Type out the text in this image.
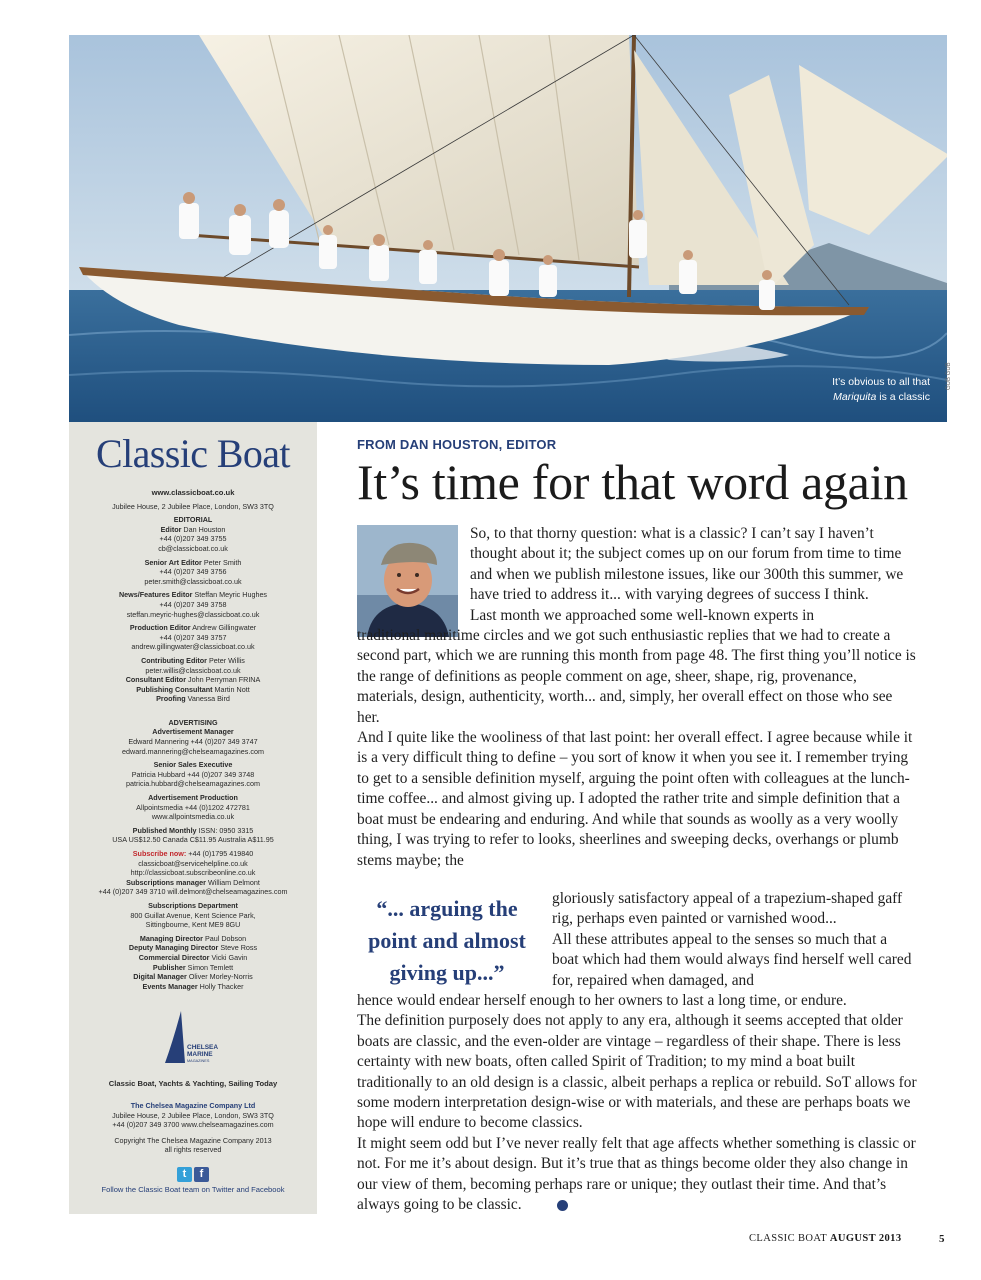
It’s obvious to all that
Mariquita is a classic
GUB GUB
Classic Boat
www.classicboat.co.uk
Jubilee House, 2 Jubilee Place, London, SW3 3TQ
EDITORIAL
Editor Dan Houston
+44 (0)207 349 3755
cb@classicboat.co.uk
Senior Art Editor Peter Smith
+44 (0)207 349 3756
peter.smith@classicboat.co.uk
News/Features Editor Steffan Meyric Hughes
+44 (0)207 349 3758
steffan.meyric-hughes@classicboat.co.uk
Production Editor Andrew Gillingwater
+44 (0)207 349 3757
andrew.gillingwater@classicboat.co.uk
Contributing Editor Peter Willis
peter.willis@classicboat.co.uk
Consultant Editor John Perryman FRINA
Publishing Consultant Martin Nott
Proofing Vanessa Bird
ADVERTISING
Advertisement Manager
Edward Mannering +44 (0)207 349 3747
edward.mannering@chelseamagazines.com
Senior Sales Executive
Patricia Hubbard +44 (0)207 349 3748
patricia.hubbard@chelseamagazines.com
Advertisement Production
Allpointsmedia +44 (0)1202 472781
www.allpointsmedia.co.uk
Published Monthly ISSN: 0950 3315
USA US$12.50 Canada C$11.95 Australia A$11.95
Subscribe now: +44 (0)1795 419840
classicboat@servicehelpline.co.uk
http://classicboat.subscribeonline.co.uk
Subscriptions manager William Delmont
+44 (0)207 349 3710 will.delmont@chelseamagazines.com
Subscriptions Department
800 Guillat Avenue, Kent Science Park,
Sittingbourne, Kent ME9 8GU
Managing Director Paul Dobson
Deputy Managing Director Steve Ross
Commercial Director Vicki Gavin
Publisher Simon Temlett
Digital Manager Oliver Morley-Norris
Events Manager Holly Thacker
CHELSEA
MARINE
MAGAZINES
Classic Boat, Yachts & Yachting, Sailing Today
The Chelsea Magazine Company Ltd
Jubilee House, 2 Jubilee Place, London, SW3 3TQ
+44 (0)207 349 3700 www.chelseamagazines.com
Copyright The Chelsea Magazine Company 2013
all rights reserved
t	f
Follow the Classic Boat team on Twitter and Facebook
FROM DAN HOUSTON, EDITOR
It’s time for that word again

So, to that thorny question: what is a classic? I can’t say I haven’t thought about it; the subject comes up on our forum from time to time and when we publish milestone issues, like our 300th this summer, we have tried to address it... with varying degrees of success I think.

Last month we approached some well-known experts in

traditional maritime circles and we got such enthusiastic replies that we had to create a second part, which we are running this month from page 48. The first thing you’ll notice is the range of definitions as people comment on age, sheer, shape, rig, provenance, materials, design, authenticity, worth... and, simply, her overall effect on those who see her.

And I quite like the wooliness of that last point: her overall effect. I agree because while it is a very difficult thing to define – you sort of know it when you see it. I remember trying to get to a sensible definition myself, arguing the point often with colleagues at the lunch-time coffee... and almost giving up. I adopted the rather trite and simple definition that a boat must be endearing and enduring. And while that sounds as woolly as a very woolly thing, I was trying to refer to looks, sheerlines and sweeping decks, overhangs or plumb stems maybe; the

“... arguing the point and almost giving up...”

gloriously satisfactory appeal of a trapezium-shaped gaff rig, perhaps even painted or varnished wood...

All these attributes appeal to the senses so much that a boat which had them would always find herself well cared for, repaired when damaged, and

hence would endear herself enough to her owners to last a long time, or endure.

The definition purposely does not apply to any era, although it seems accepted that older boats are classic, and the even-older are vintage – regardless of their shape. There is less certainty with new boats, often called Spirit of Tradition; to my mind a boat built traditionally to an old design is a classic, albeit perhaps a replica or rebuild. SoT allows for some modern interpretation design-wise or with materials, and these are perhaps boats we hope will endure to become classics.

It might seem odd but I’ve never really felt that age affects whether something is classic or not. For me it’s about design. But it’s true that as things become older they also change in our view of them, becoming perhaps rare or unique; they outlast their time. And that’s always going to be classic.

CLASSIC BOAT AUGUST 2013	5
